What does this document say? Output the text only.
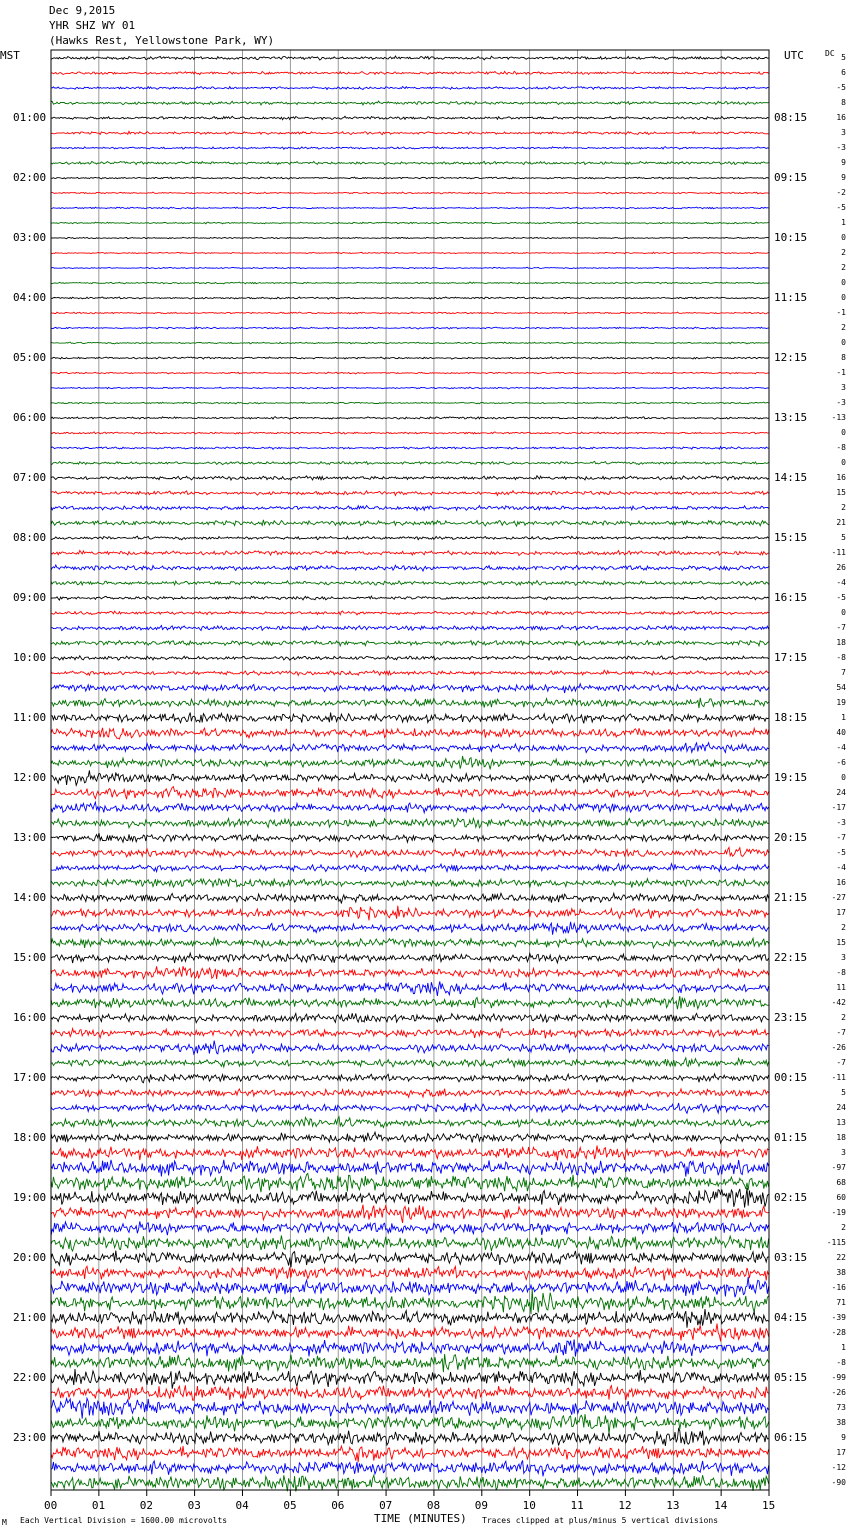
Dec 9,2015
YHR SHZ WY 01
(Hawks Rest, Yellowstone Park, WY)
MST	UTC	DC
01:00
02:00
03:00
04:00
05:00
06:00
07:00
08:00
09:00
10:00
11:00
12:00
13:00
14:00
15:00
16:00
17:00
18:00
19:00
20:00
21:00
22:00
23:00
08:15
09:15
10:15
11:15
12:15
13:15
14:15
15:15
16:15
17:15
18:15
19:15
20:15
21:15
22:15
23:15
00:15
01:15
02:15
03:15
04:15
05:15
06:15
5
6
-5
8
16
3
-3
9
9
-2
-5
1
0
2
2
0
0
-1
2
0
8
-1
3
-3
-13
0
-8
0
16
15
2
21
5
-11
26
-4
-5
0
-7
18
-8
7
54
19
1
40
-4
-6
0
24
-17
-3
-7
-5
-4
16
-27
17
2
15
3
-8
11
-42
2
-7
-26
-7
-11
5
24
13
18
3
-97
68
60
-19
2
-115
22
38
-16
71
-39
-28
1
-8
-99
-26
73
38
9
17
-12
-90
00	01	02	03	04	05	06	07	08	09	10	11	12	13	14	15
TIME (MINUTES)
М Each Vertical Division = 1600.00 microvolts	Traces clipped at plus/minus 5 vertical divisions
